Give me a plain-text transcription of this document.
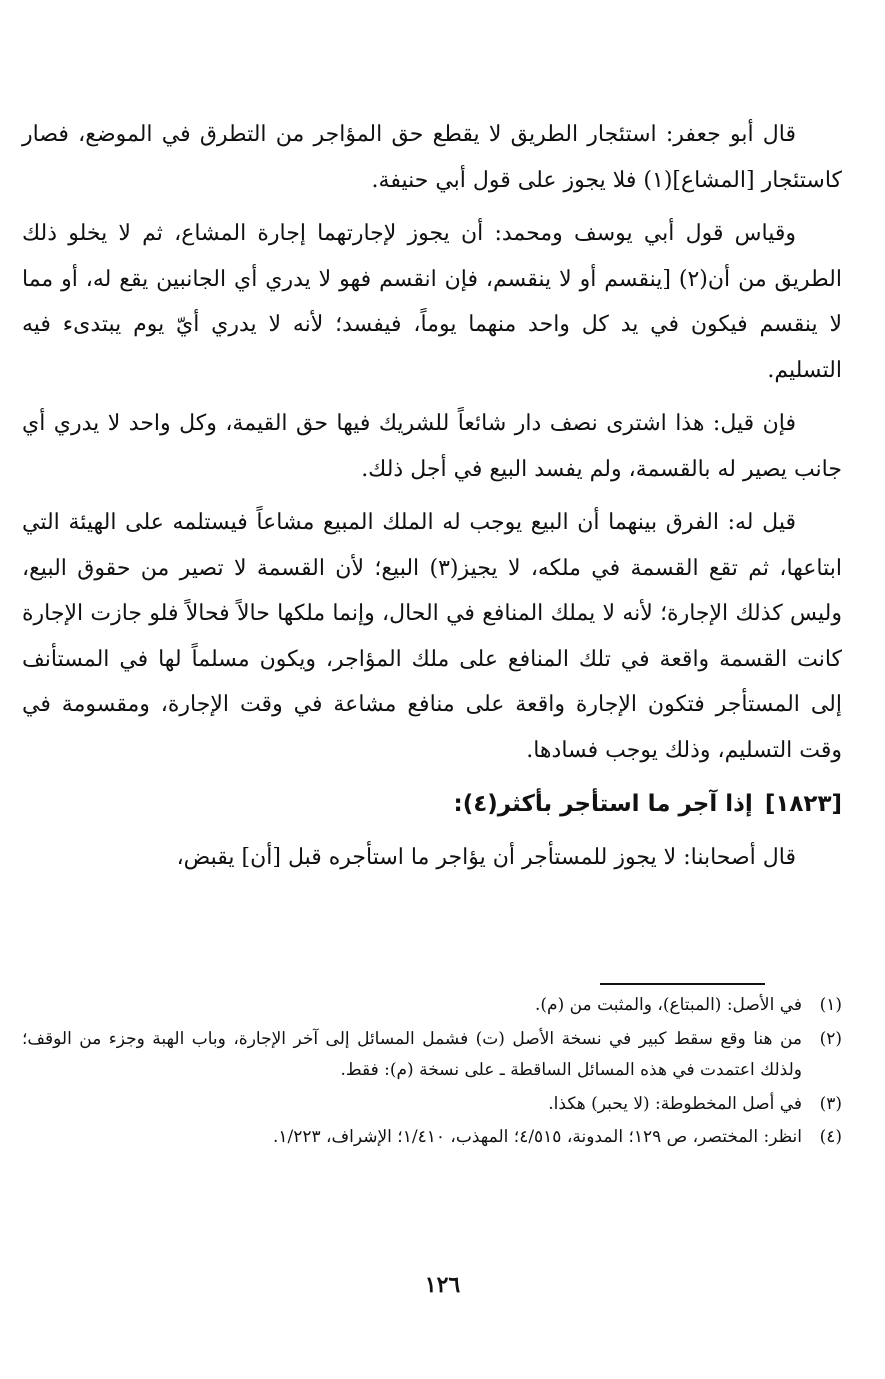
قال أبو جعفر: استئجار الطريق لا يقطع حق المؤاجر من التطرق في الموضع، فصار كاستئجار [المشاع](١) فلا يجوز على قول أبي حنيفة.

وقياس قول أبي يوسف ومحمد: أن يجوز لإجارتهما إجارة المشاع، ثم لا يخلو ذلك الطريق من أن(٢) [ينقسم أو لا ينقسم، فإن انقسم فهو لا يدري أي الجانبين يقع له، أو مما لا ينقسم فيكون في يد كل واحد منهما يوماً، فيفسد؛ لأنه لا يدري أيّ يوم يبتدىء فيه التسليم.

فإن قيل: هذا اشترى نصف دار شائعاً للشريك فيها حق القيمة، وكل واحد لا يدري أي جانب يصير له بالقسمة، ولم يفسد البيع في أجل ذلك.

قيل له: الفرق بينهما أن البيع يوجب له الملك المبيع مشاعاً فيستلمه على الهيئة التي ابتاعها، ثم تقع القسمة في ملكه، لا يجيز(٣) البيع؛ لأن القسمة لا تصير من حقوق البيع، وليس كذلك الإجارة؛ لأنه لا يملك المنافع في الحال، وإنما ملكها حالاً فحالاً فلو جازت الإجارة كانت القسمة واقعة في تلك المنافع على ملك المؤاجر، ويكون مسلماً لها في المستأنف إلى المستأجر فتكون الإجارة واقعة على منافع مشاعة في وقت الإجارة، ومقسومة في وقت التسليم، وذلك يوجب فسادها.

[١٨٢٣]إذا آجر ما استأجر بأكثر(٤):

قال أصحابنا: لا يجوز للمستأجر أن يؤاجر ما استأجره قبل [أن] يقبض،

(١)
في الأصل: (المبتاع)، والمثبت من (م).
(٢)
من هنا وقع سقط كبير في نسخة الأصل (ت) فشمل المسائل إلى آخر الإجارة، وباب الهبة وجزء من الوقف؛ ولذلك اعتمدت في هذه المسائل الساقطة ـ على نسخة (م): فقط.
(٣)
في أصل المخطوطة: (لا يحبر) هكذا.
(٤)
انظر: المختصر، ص ١٢٩؛ المدونة، ٤/٥١٥؛ المهذب، ١/٤١٠؛ الإشراف، ١/٢٢٣.
١٢٦
